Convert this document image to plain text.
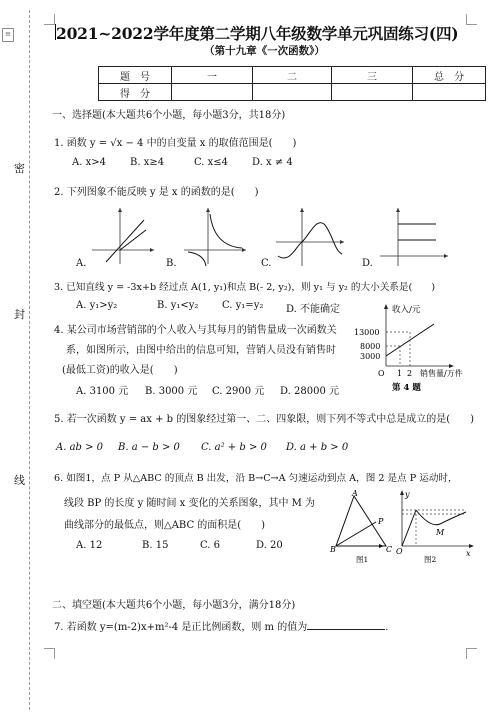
≡
密
封
线
2021~2022学年度第二学期八年级数学单元巩固练习(四)
（第十九章《一次函数》）
题　号	一	二	三	总　分
得　分				
一、选择题(本大题共6个小题，每小题3分，共18分)
1. 函数 y = √x − 4 中的自变量 x 的取值范围是(　　)
A. x>4 B. x≥4	C. x≤4 D. x ≠ 4
2. 下列图象不能反映 y 是 x 的函数的是(　　)
A.	B.	C.	D.
3. 已知直线 y = -3x+b 经过点 A(1, y₁)和点 B(- 2, y₂)，则 y₁ 与 y₂ 的大小关系是(　　)
A. y₁>y₂	B. y₁<y₂ C. y₁=y₂ D. 不能确定
4. 某公司市场营销部的个人收入与其每月的销售量成一次函数关
系，如图所示，由图中给出的信息可知，营销人员没有销售时
(最低工资)的收入是(　　)
A. 3100 元 B. 3000 元 C. 2900 元 D. 28000 元
收入/元
13000
8000
3000
O 1 2 销售量/万件
第 4 题
5. 若一次函数 y = ax + b 的图象经过第一、二、四象限，则下列不等式中总是成立的是(　　)
A. ab > 0 B. a − b > 0 C. a² + b > 0 D. a + b > 0
6. 如图1，点 P 从△ABC 的顶点 B 出发，沿 B→C→A 匀速运动到点 A，图 2 是点 P 运动时，
线段 BP 的长度 y 随时间 x 变化的关系图象，其中 M 为
曲线部分的最低点，则△ABC 的面积是(　　)
A. 12	B. 15	C. 6	D. 20
A
P
B	C
图1
y
M
O	x
图2
二、填空题(本大题共6个小题，每小题3分，满分18分)
7. 若函数 y=(m-2)x+m²-4 是正比例函数，则 m 的值为	.
